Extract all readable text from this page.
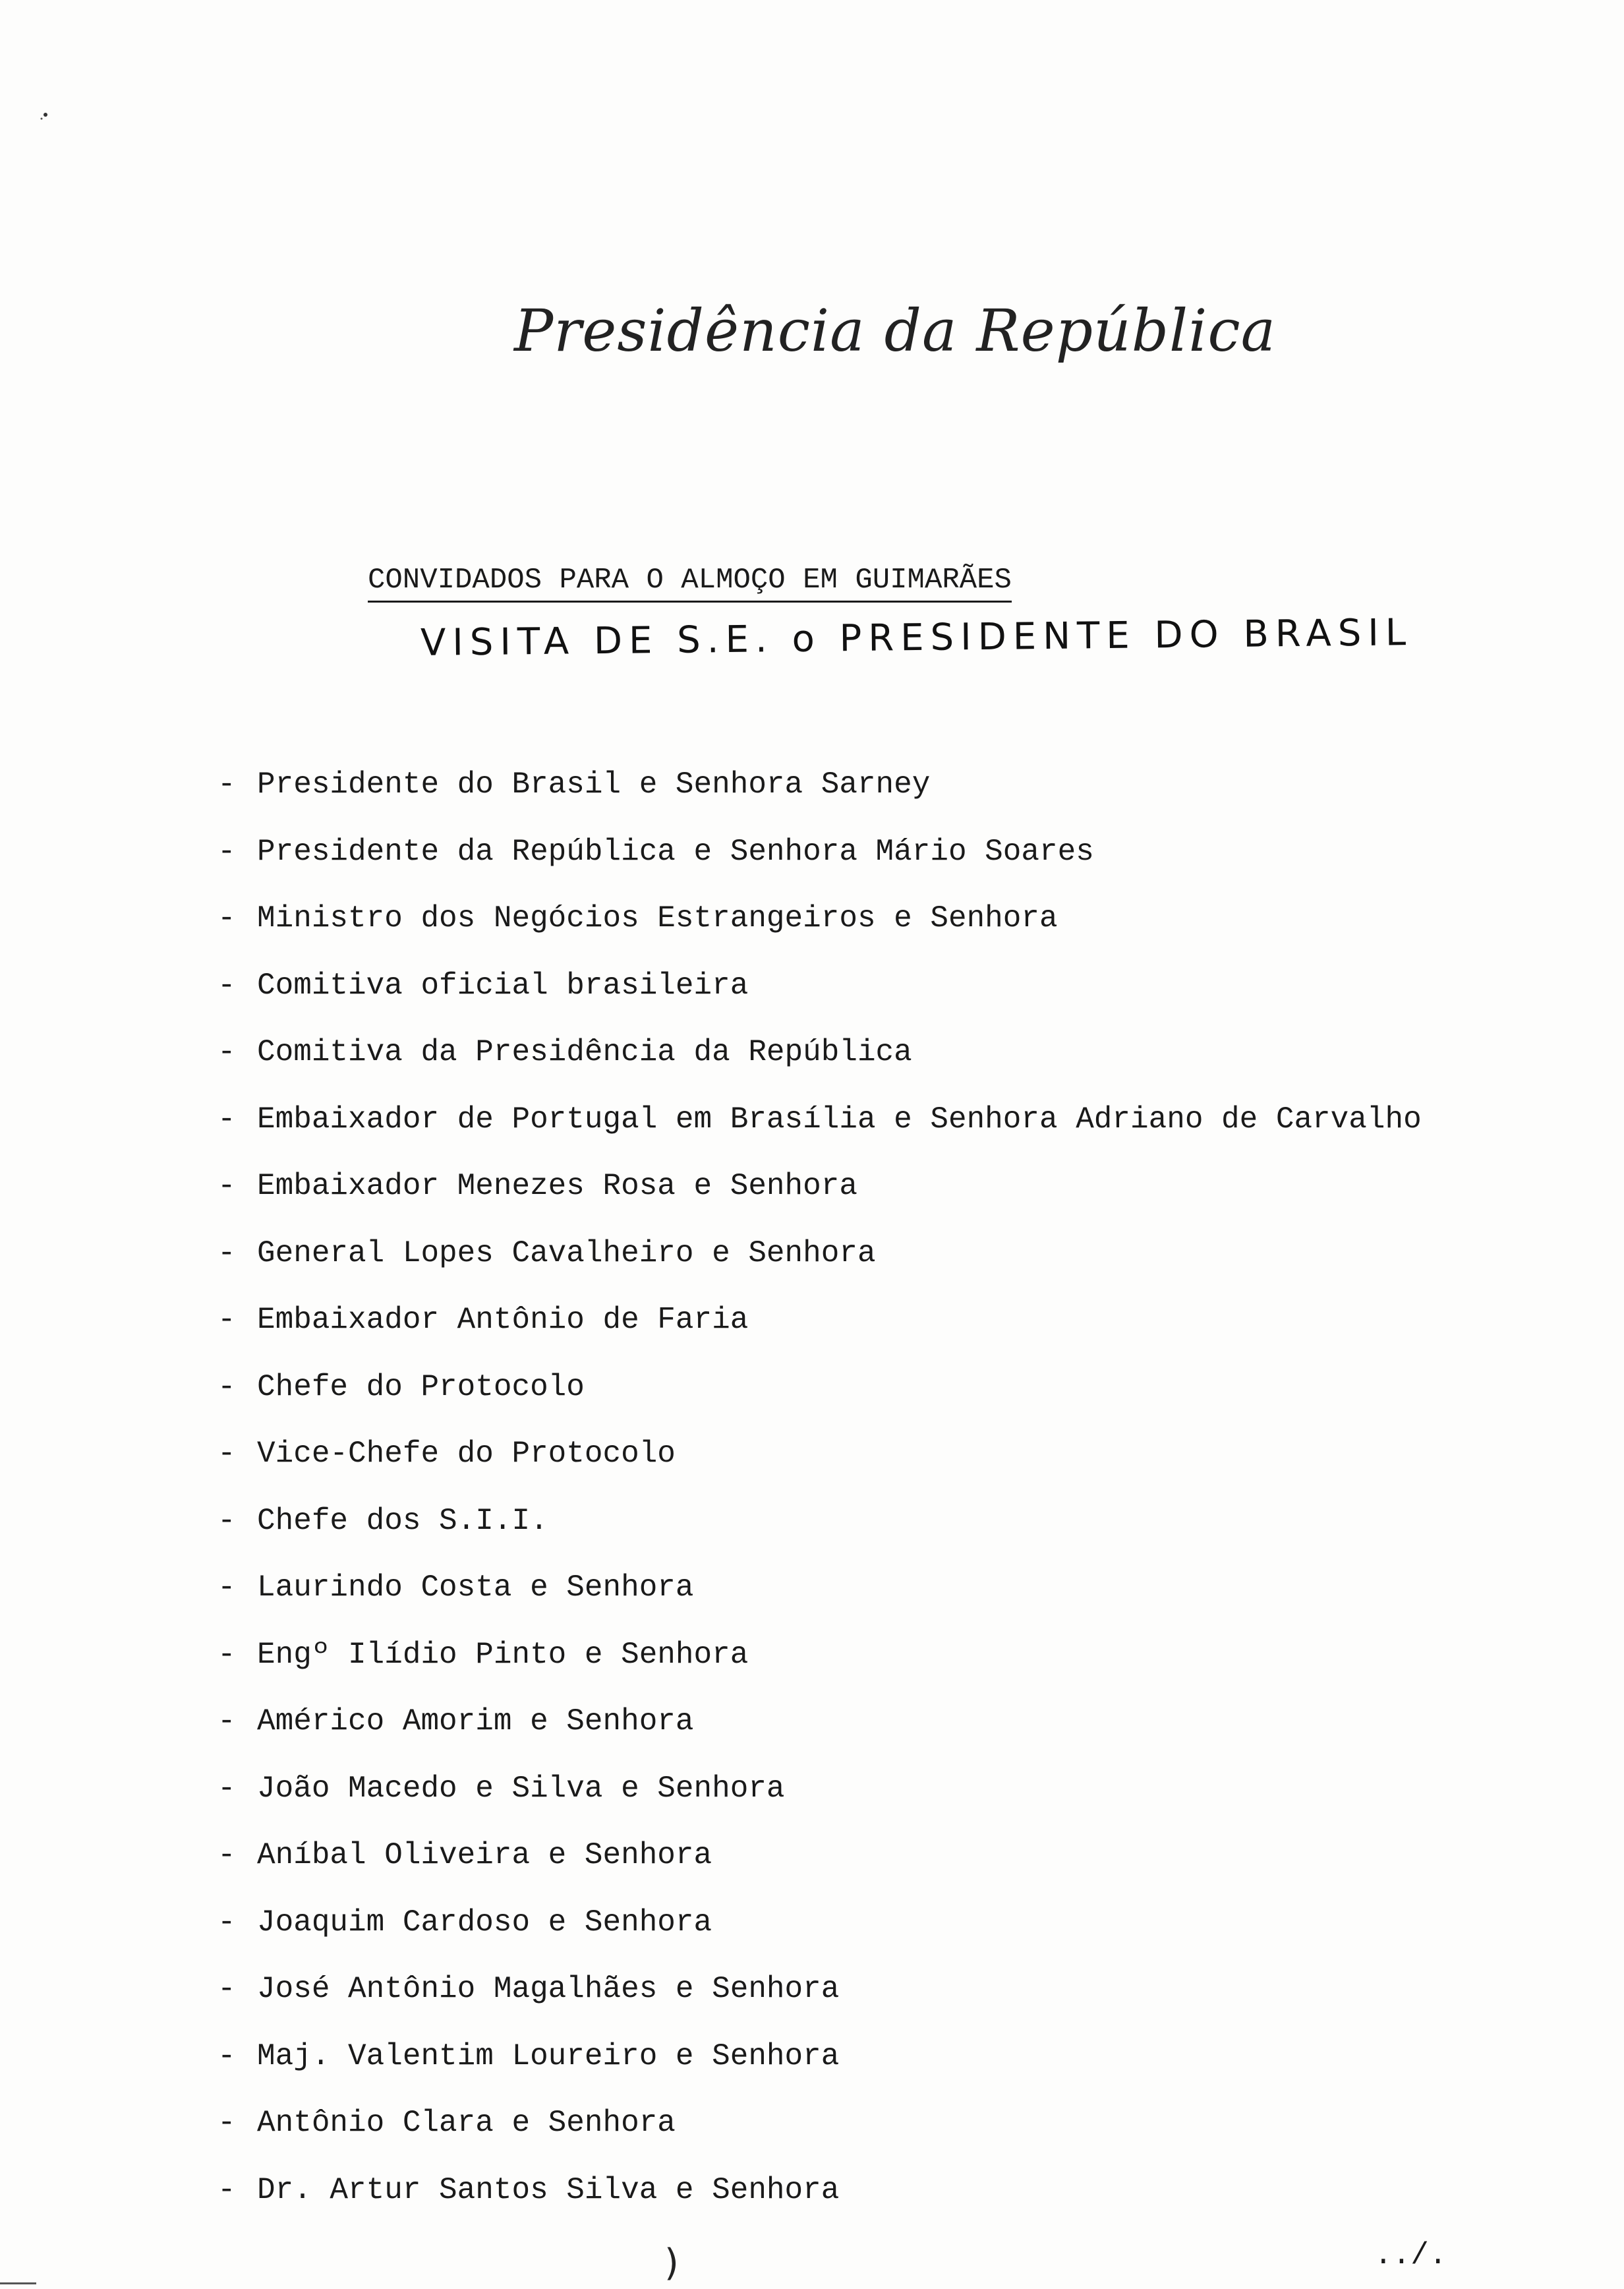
Presidência da República
CONVIDADOS PARA O ALMOÇO EM GUIMARÃES
VISITA DE S.E. o PRESIDENTE DO BRASIL
- Presidente do Brasil e Senhora Sarney
- Presidente da República e Senhora Mário Soares
- Ministro dos Negócios Estrangeiros e Senhora
- Comitiva oficial brasileira
- Comitiva da Presidência da República
- Embaixador de Portugal em Brasília e Senhora Adriano de Carvalho
- Embaixador Menezes Rosa e Senhora
- General Lopes Cavalheiro e Senhora
- Embaixador Antônio de Faria
- Chefe do Protocolo
- Vice-Chefe do Protocolo
- Chefe dos S.I.I.
- Laurindo Costa e Senhora
- Engº Ilídio Pinto e Senhora
- Américo Amorim e Senhora
- João Macedo e Silva e Senhora
- Aníbal Oliveira e Senhora
- Joaquim Cardoso e Senhora
- José Antônio Magalhães e Senhora
- Maj. Valentim Loureiro e Senhora
- Antônio Clara e Senhora
- Dr. Artur Santos Silva e Senhora
)	../.
